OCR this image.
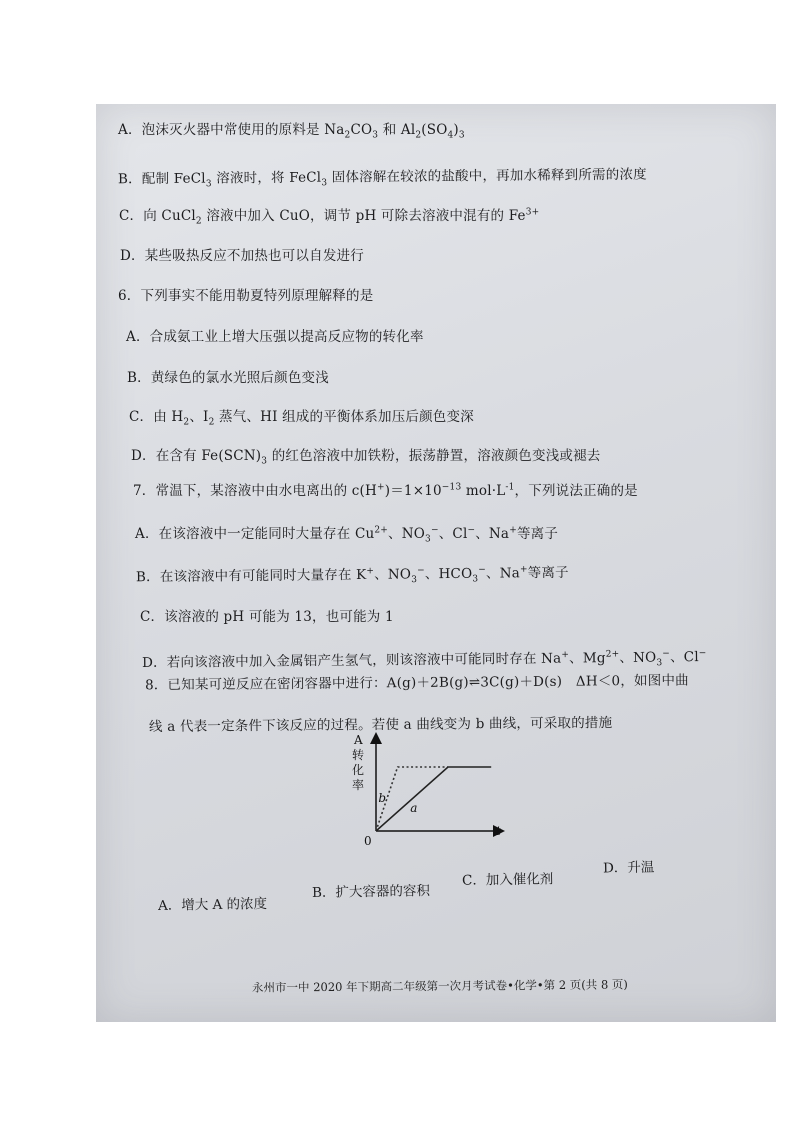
A．泡沫灭火器中常使用的原料是 $Na_2CO_3$ 和 $Al_2(SO_4)_3$
B．配制 FeCl$_3$ 溶液时，将 FeCl$_3$ 固体溶解在较浓的盐酸中，再加水稀释到所需的浓度
C．向 CuCl$_2$ 溶液中加入 CuO，调节 pH 可除去溶液中混有的 $Fe^{3+}$
D．某些吸热反应不加热也可以自发进行
6．下列事实不能用勒夏特列原理解释的是
A．合成氨工业上增大压强以提高反应物的转化率
B．黄绿色的氯水光照后颜色变浅
C．由 $H_2$、$I_2$ 蒸气、HI 组成的平衡体系加压后颜色变深
D．在含有 $Fe(SCN)_3$ 的红色溶液中加铁粉，振荡静置，溶液颜色变浅或褪去
7．常温下，某溶液中由水电离出的 $c(H^+)=1\times 10^{-13}$ $mol\cdot L^{-1}$，下列说法正确的是
A．在该溶液中一定能同时大量存在 $Cu^{2+}$、$NO_3^-$、Cl−、Na+等离子
B．在该溶液中有可能同时大量存在 K+、$NO_3^-$、$HCO_3^-$、Na+等离子
C．该溶液的 pH 可能为 13，也可能为 1
D．若向该溶液中加入金属铝产生氢气，则该溶液中可能同时存在 Na+、$Mg^{2+}$、$NO_3^-$、Cl−
8．已知某可逆反应在密闭容器中进行：A(g)＋2B(g)⇌3C(g)＋D(s)　ΔH＜0，如图中曲
线 a 代表一定条件下该反应的过程。若使 a 曲线变为 b 曲线，可采取的措施
A
转
化
率
t
0
b
a
A．增大 A 的浓度
B．扩大容器的容积
C．加入催化剂
D．升温
永州市一中 2020 年下期高二年级第一次月考试卷•化学•第 2 页(共 8 页)
